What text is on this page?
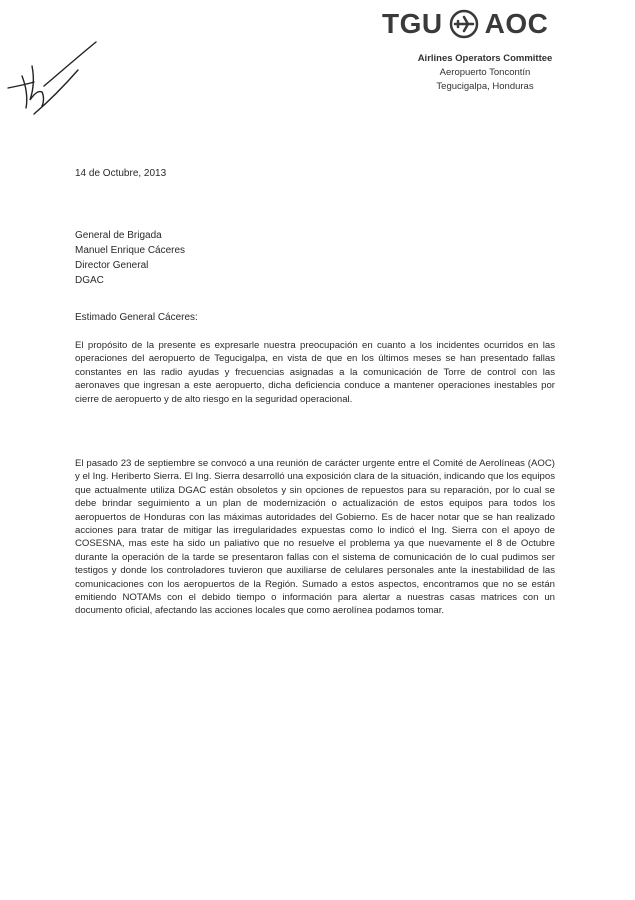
TGU AOC
Airlines Operators Committee
Aeropuerto Toncontín
Tegucigalpa, Honduras
14 de Octubre, 2013
General de Brigada
Manuel Enrique Cáceres
Director General
DGAC
Estimado General Cáceres:
El propósito de la presente es expresarle nuestra preocupación en cuanto a los incidentes ocurridos en las operaciones del aeropuerto de Tegucigalpa, en vista de que en los últimos meses se han presentado fallas constantes en las radio ayudas y frecuencias asignadas a la comunicación de Torre de control con las aeronaves que ingresan a este aeropuerto, dicha deficiencia conduce a mantener operaciones inestables por cierre de aeropuerto y de alto riesgo en la seguridad operacional.
El pasado 23 de septiembre se convocó a una reunión de carácter urgente entre el Comité de Aerolíneas (AOC) y el Ing. Heriberto Sierra. El Ing. Sierra desarrolló una exposición clara de la situación, indicando que los equipos que actualmente utiliza DGAC están obsoletos y sin opciones de repuestos para su reparación, por lo cual se debe brindar seguimiento a un plan de modernización o actualización de estos equipos para todos los aeropuertos de Honduras con las máximas autoridades del Gobierno. Es de hacer notar que se han realizado acciones para tratar de mitigar las irregularidades expuestas como lo indicó el Ing. Sierra con el apoyo de COSESNA, mas este ha sido un paliativo que no resuelve el problema ya que nuevamente el 8 de Octubre durante la operación de la tarde se presentaron fallas con el sistema de comunicación de lo cual pudimos ser testigos y donde los controladores tuvieron que auxiliarse de celulares personales ante la inestabilidad de las comunicaciones con los aeropuertos de la Región. Sumado a estos aspectos, encontramos que no se están emitiendo NOTAMs con el debido tiempo o información para alertar a nuestras casas matrices con un documento oficial, afectando las acciones locales que como aerolínea podamos tomar.
